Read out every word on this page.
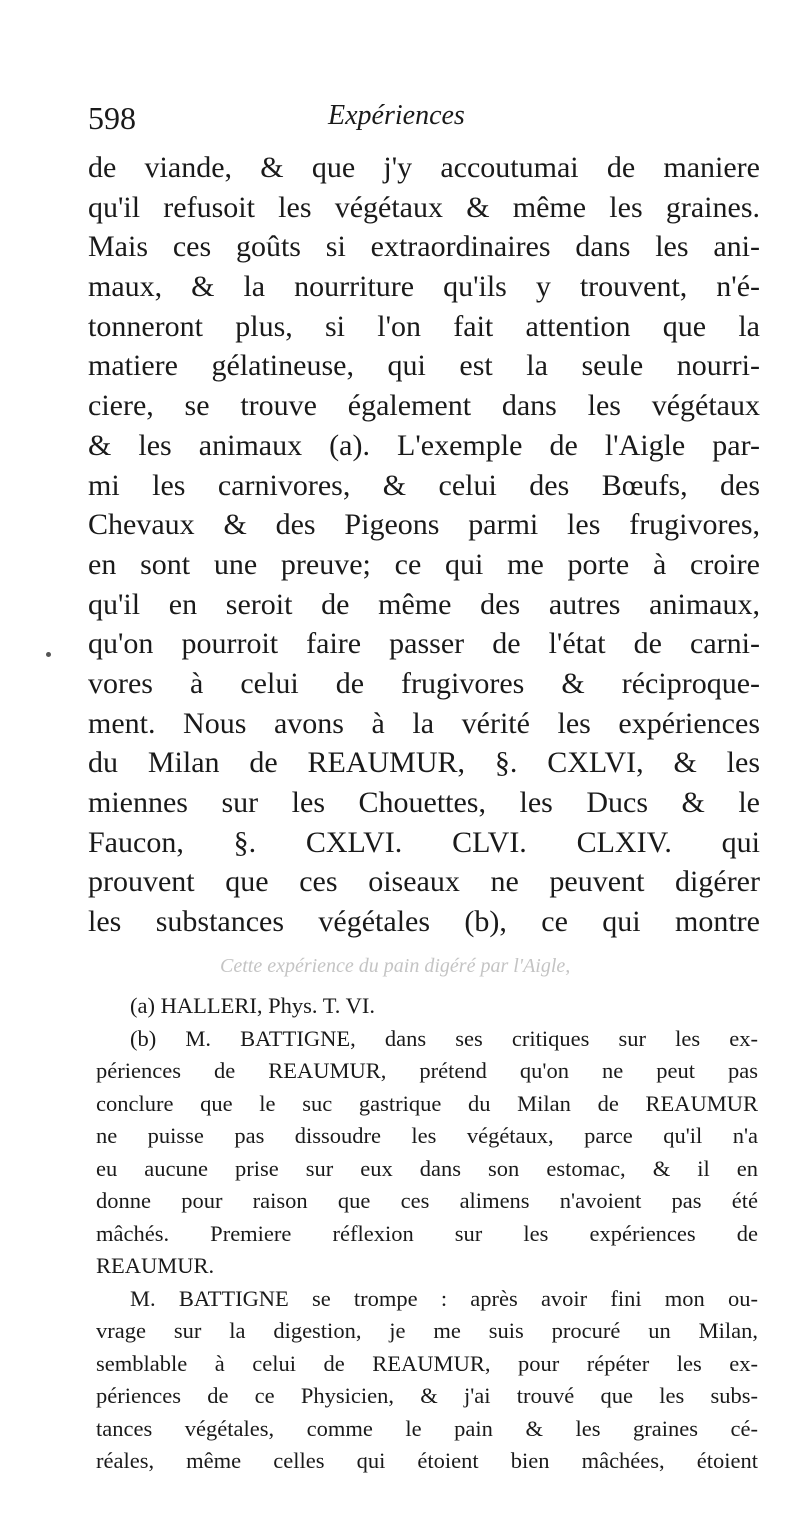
598	Expériences
de viande, & que j'y accoutumai de maniere
qu'il refusoit les végétaux & même les graines.
Mais ces goûts si extraordinaires dans les ani-
maux, & la nourriture qu'ils y trouvent, n'é-
tonneront plus, si l'on fait attention que la
matiere gélatineuse, qui est la seule nourri-
ciere, se trouve également dans les végétaux
& les animaux (a). L'exemple de l'Aigle par-
mi les carnivores, & celui des Bœufs, des
Chevaux & des Pigeons parmi les frugivores,
en sont une preuve; ce qui me porte à croire
qu'il en seroit de même des autres animaux,
qu'on pourroit faire passer de l'état de carni-
vores à celui de frugivores & réciproque-
ment. Nous avons à la vérité les expériences
du Milan de REAUMUR, §. CXLVI, & les
miennes sur les Chouettes, les Ducs & le
Faucon, §. CXLVI. CLVI. CLXIV. qui
prouvent que ces oiseaux ne peuvent digérer
les substances végétales (b), ce qui montre
Cette expérience du pain digéré par l'Aigle,
(a) HALLERI, Phys. T. VI.
(b) M. BATTIGNE, dans ses critiques sur les ex-
périences de REAUMUR, prétend qu'on ne peut pas
conclure que le suc gastrique du Milan de REAUMUR
ne puisse pas dissoudre les végétaux, parce qu'il n'a
eu aucune prise sur eux dans son estomac, & il en
donne pour raison que ces alimens n'avoient pas été
mâchés. Premiere réflexion sur les expériences de
REAUMUR.
M. BATTIGNE se trompe : après avoir fini mon ou-
vrage sur la digestion, je me suis procuré un Milan,
semblable à celui de REAUMUR, pour répéter les ex-
périences de ce Physicien, & j'ai trouvé que les subs-
tances végétales, comme le pain & les graines cé-
réales, même celles qui étoient bien mâchées, étoient
